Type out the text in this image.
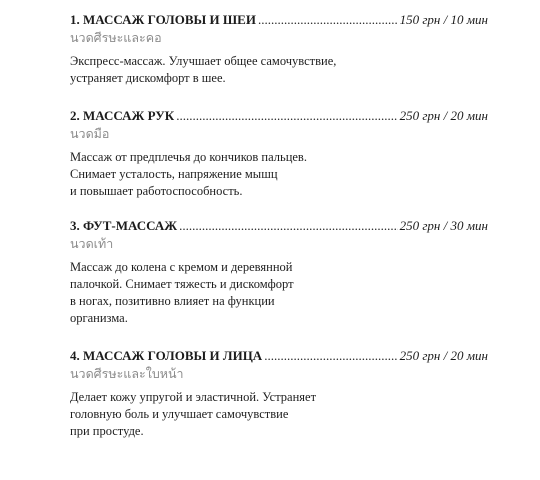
1. МАССАЖ ГОЛОВЫ И ШЕИ .....	150 грн / 10 мин
นวดศีรษะและคอ
Экспресс-массаж. Улучшает общее самочувствие,
устраняет дискомфорт в шее.
2. МАССАЖ РУК .....	250 грн / 20 мин
นวดมือ
Массаж от предплечья до кончиков пальцев.
Снимает усталость, напряжение мышц
и повышает работоспособность.
3. ФУТ-МАССАЖ .....	250 грн / 30 мин
นวดเท้า
Массаж до колена с кремом и деревянной
палочкой. Снимает тяжесть и дискомфорт
в ногах, позитивно влияет на функции
организма.
4. МАССАЖ ГОЛОВЫ И ЛИЦА .....	250 грн / 20 мин
นวดศีรษะและใบหน้า
Делает кожу упругой и эластичной. Устраняет
головную боль и улучшает самочувствие
при простуде.
